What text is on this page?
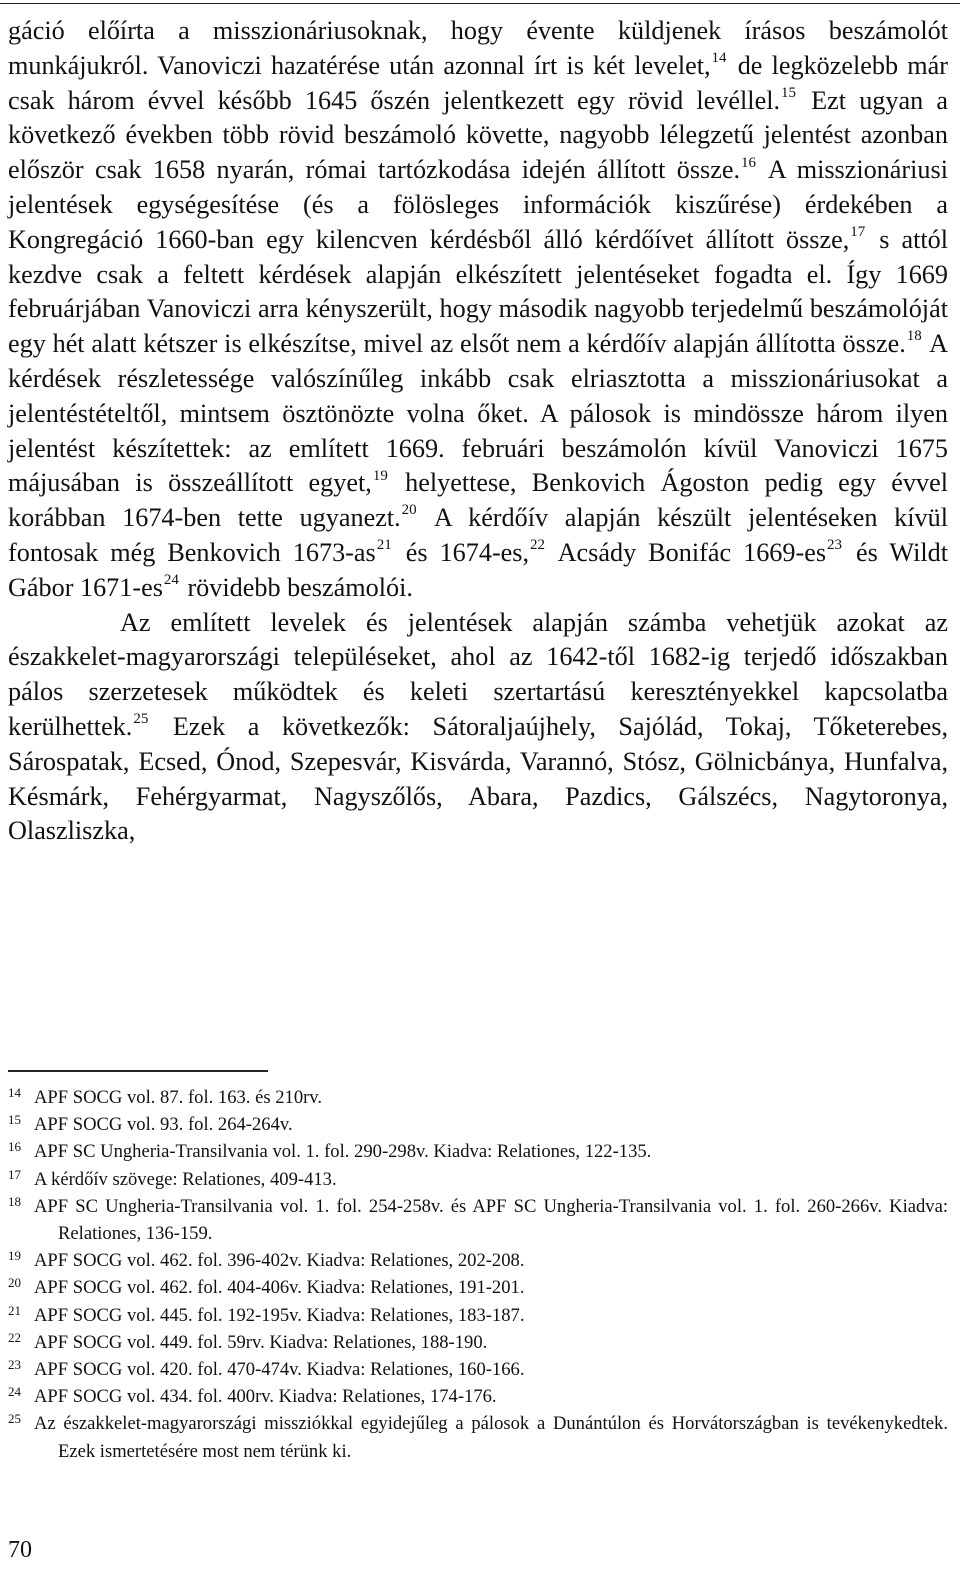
gáció előírta a misszionáriusoknak, hogy évente küldjenek írásos beszámolót munkájukról. Vanoviczi hazatérése után azonnal írt is két levelet,$^{14}$ de legközelebb már csak három évvel később 1645 őszén jelentkezett egy rövid levéllel.$^{15}$ Ezt ugyan a következő években több rövid beszámoló követte, nagyobb lélegzetű jelentést azonban először csak 1658 nyarán, római tartózkodása idején állított össze.$^{16}$ A misszionáriusi jelentések egységesítése (és a fölösleges információk kiszűrése) érdekében a Kongregáció 1660-ban egy kilencven kérdésből álló kérdőívet állított össze,$^{17}$ s attól kezdve csak a feltett kérdések alapján elkészített jelentéseket fogadta el. Így 1669 februárjában Vanoviczi arra kényszerült, hogy második nagyobb terjedelmű beszámolóját egy hét alatt kétszer is elkészítse, mivel az elsőt nem a kérdőív alapján állította össze.$^{18}$ A kérdések részletessége valószínűleg inkább csak elriasztotta a misszionáriusokat a jelentéstételtől, mintsem ösztönözte volna őket. A pálosok is mindössze három ilyen jelentést készítettek: az említett 1669. februári beszámolón kívül Vanoviczi 1675 májusában is összeállított egyet,$^{19}$ helyettese, Benkovich Ágoston pedig egy évvel korábban 1674-ben tette ugyanezt.$^{20}$ A kérdőív alapján készült jelentéseken kívül fontosak még Benkovich $1673-as^{21}$ és 1674-es,$^{22}$ Acsády Bonifác $1669-es^{23}$ és Wildt Gábor $1671-es^{24}$ rövidebb beszámolói.

Az említett levelek és jelentések alapján számba vehetjük azokat az északkelet-magyarországi településeket, ahol az 1642-től 1682-ig terjedő időszakban pálos szerzetesek működtek és keleti szertartású keresztényekkel kapcsolatba kerülhettek.$^{25}$ Ezek a következők: Sátoraljaújhely, Sajólád, Tokaj, Tőketerebes, Sárospatak, Ecsed, Ónod, Szepesvár, Kisvárda, Varannó, Stósz, Gölnicbánya, Hunfalva, Késmárk, Fehérgyarmat, Nagyszőlős, Abara, Pazdics, Gálszécs, Nagytoronya, Olaszliszka,

14 APF SOCG vol. 87. fol. 163. és 210rv.
15 APF SOCG vol. 93. fol. 264-264v.
16 APF SC Ungheria-Transilvania vol. 1. fol. 290-298v. Kiadva: Relationes, 122-135.
17 A kérdőív szövege: Relationes, 409-413.
18 APF SC Ungheria-Transilvania vol. 1. fol. 254-258v. és APF SC Ungheria-Transilvania vol. 1. fol. 260-266v. Kiadva: Relationes, 136-159.
19 APF SOCG vol. 462. fol. 396-402v. Kiadva: Relationes, 202-208.
20 APF SOCG vol. 462. fol. 404-406v. Kiadva: Relationes, 191-201.
21 APF SOCG vol. 445. fol. 192-195v. Kiadva: Relationes, 183-187.
22 APF SOCG vol. 449. fol. 59rv. Kiadva: Relationes, 188-190.
23 APF SOCG vol. 420. fol. 470-474v. Kiadva: Relationes, 160-166.
24 APF SOCG vol. 434. fol. 400rv. Kiadva: Relationes, 174-176.
25 Az északkelet-magyarországi missziókkal egyidejűleg a pálosok a Dunántúlon és Horvátországban is tevékenykedtek. Ezek ismertetésére most nem térünk ki.
70
